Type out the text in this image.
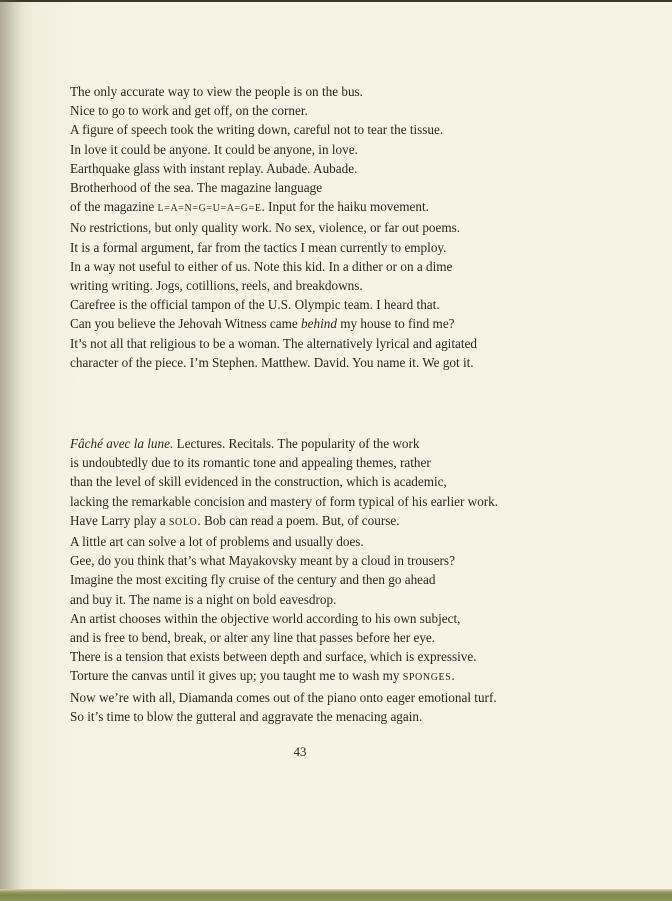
The only accurate way to view the people is on the bus.
Nice to go to work and get off, on the corner.
A figure of speech took the writing down, careful not to tear the tissue.
In love it could be anyone. It could be anyone, in love.
Earthquake glass with instant replay. Aubade. Aubade.
Brotherhood of the sea. The magazine language
of the magazine L=A=N=G=U=A=G=E. Input for the haiku movement.
No restrictions, but only quality work. No sex, violence, or far out poems.
It is a formal argument, far from the tactics I mean currently to employ.
In a way not useful to either of us. Note this kid. In a dither or on a dime
writing writing. Jogs, cotillions, reels, and breakdowns.
Carefree is the official tampon of the U.S. Olympic team. I heard that.
Can you believe the Jehovah Witness came behind my house to find me?
It’s not all that religious to be a woman. The alternatively lyrical and agitated
character of the piece. I’m Stephen. Matthew. David. You name it. We got it.
Fâché avec la lune. Lectures. Recitals. The popularity of the work
is undoubtedly due to its romantic tone and appealing themes, rather
than the level of skill evidenced in the construction, which is academic,
lacking the remarkable concision and mastery of form typical of his earlier work.
Have Larry play a SOLO. Bob can read a poem. But, of course.
A little art can solve a lot of problems and usually does.
Gee, do you think that’s what Mayakovsky meant by a cloud in trousers?
Imagine the most exciting fly cruise of the century and then go ahead
and buy it. The name is a night on bold eavesdrop.
An artist chooses within the objective world according to his own subject,
and is free to bend, break, or alter any line that passes before her eye.
There is a tension that exists between depth and surface, which is expressive.
Torture the canvas until it gives up; you taught me to wash my SPONGES.
Now we’re with all, Diamanda comes out of the piano onto eager emotional turf.
So it’s time to blow the gutteral and aggravate the menacing again.
43
